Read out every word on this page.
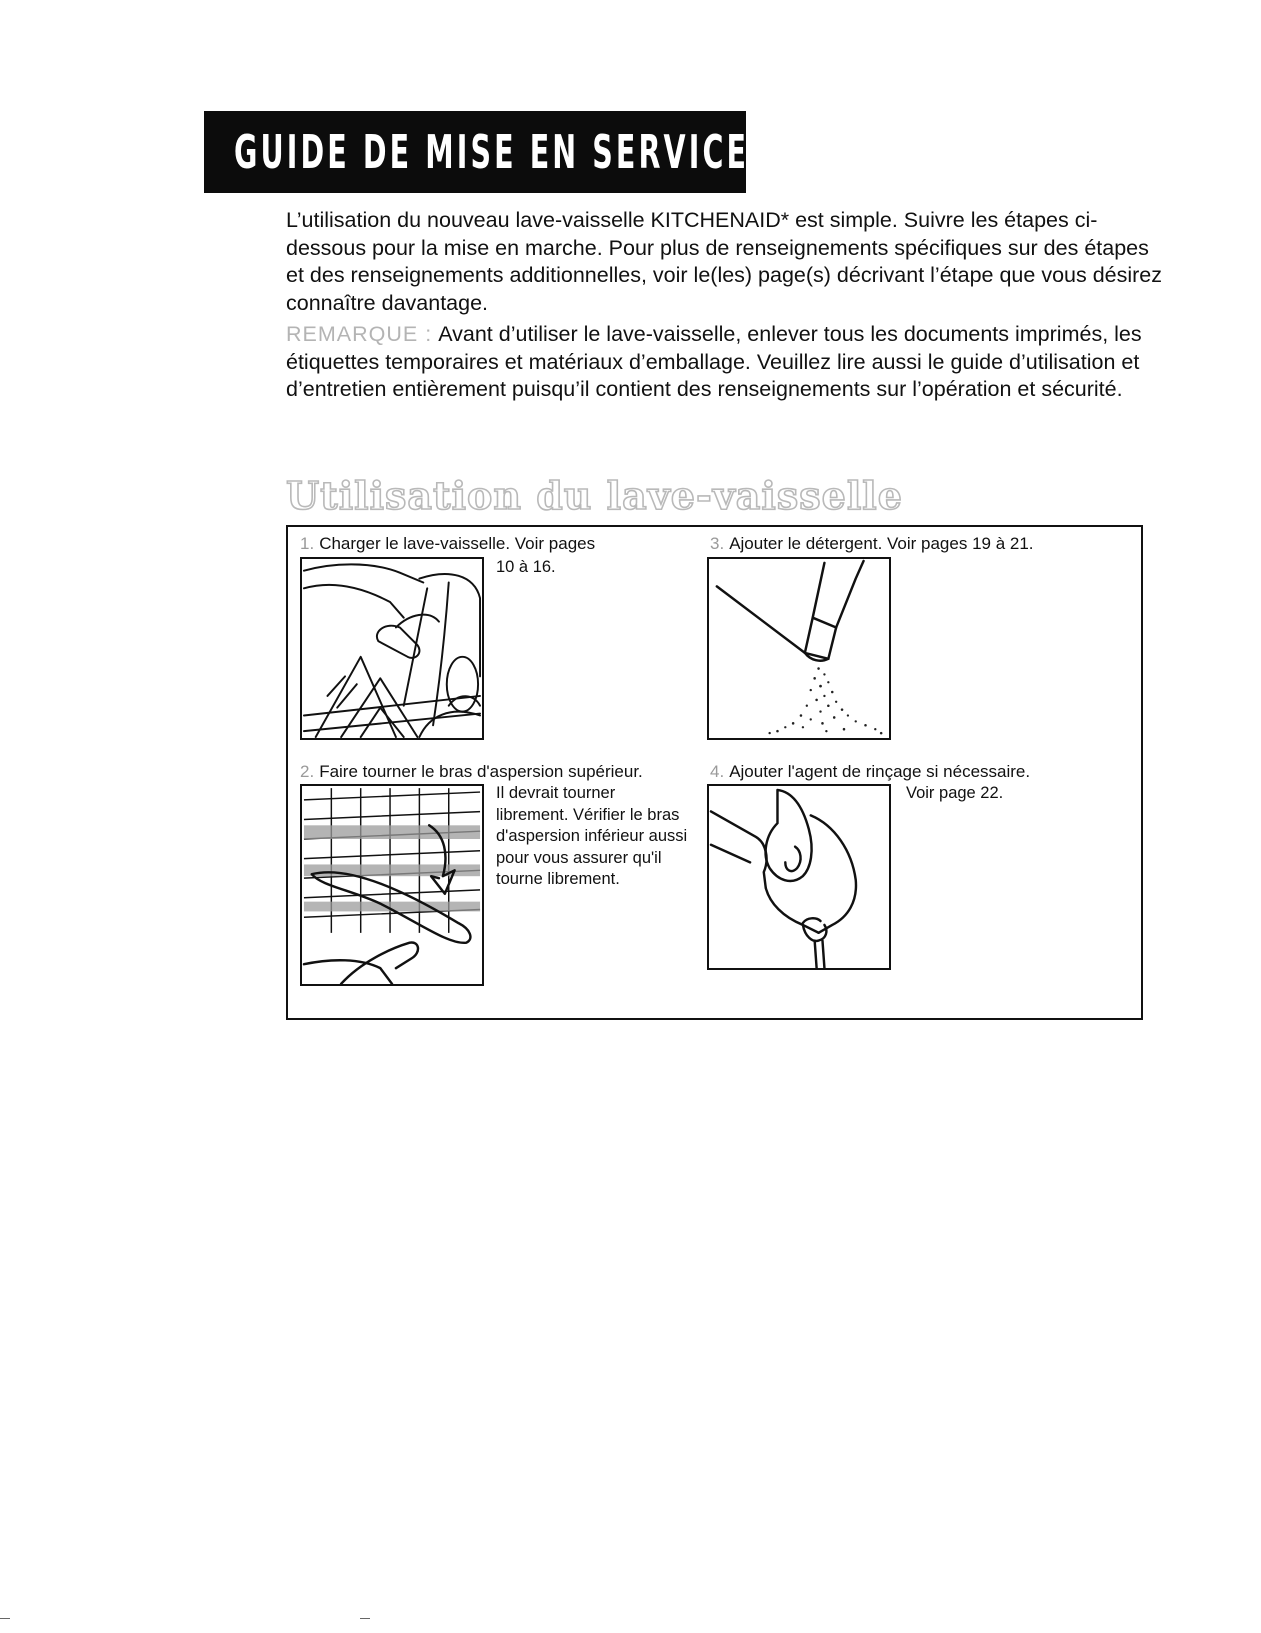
GUIDE DE MISE EN SERVICE

L’utilisation du nouveau lave-vaisselle KITCHENAID* est simple. Suivre les étapes ci-dessous pour la mise en marche. Pour plus de renseignements spécifiques sur des étapes et des renseignements additionnelles, voir le(les) page(s) décrivant l’étape que vous désirez connaître davantage.

REMARQUE : Avant d’utiliser le lave-vaisselle, enlever tous les documents imprimés, les étiquettes temporaires et matériaux d’emballage. Veuillez lire aussi le guide d’utilisation et d’entretien entièrement puisqu’il contient des renseignements sur l’opération et sécurité.

Utilisation du lave-vaisselle
1. Charger le lave-vaisselle. Voir pages
10 à 16.
2. Faire tourner le bras d'aspersion supérieur.
Il devrait tourner librement. Vérifier le bras d'aspersion inférieur aussi pour vous assurer qu'il tourne librement.
3. Ajouter le détergent. Voir pages 19 à 21.
4. Ajouter l'agent de rinçage si nécessaire.
Voir page 22.
